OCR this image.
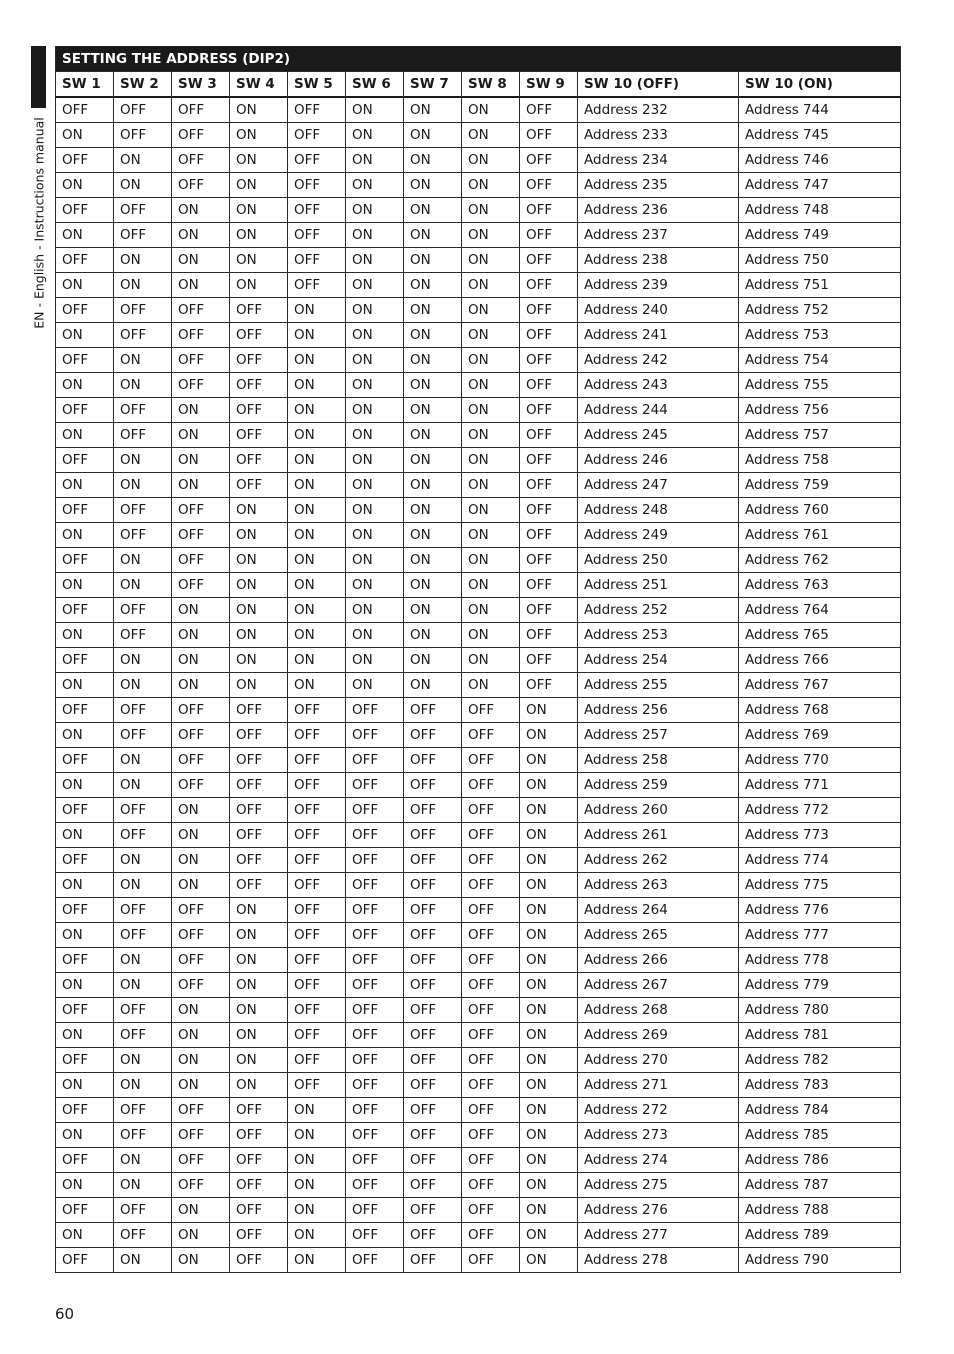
EN - English - Instructions manual
SETTING THE ADDRESS (DIP2)										
SW 1	SW 2	SW 3	SW 4	SW 5	SW 6	SW 7	SW 8	SW 9	SW 10 (OFF)	SW 10 (ON)
OFF	OFF	OFF	ON	OFF	ON	ON	ON	OFF	Address 232	Address 744
ON	OFF	OFF	ON	OFF	ON	ON	ON	OFF	Address 233	Address 745
OFF	ON	OFF	ON	OFF	ON	ON	ON	OFF	Address 234	Address 746
ON	ON	OFF	ON	OFF	ON	ON	ON	OFF	Address 235	Address 747
OFF	OFF	ON	ON	OFF	ON	ON	ON	OFF	Address 236	Address 748
ON	OFF	ON	ON	OFF	ON	ON	ON	OFF	Address 237	Address 749
OFF	ON	ON	ON	OFF	ON	ON	ON	OFF	Address 238	Address 750
ON	ON	ON	ON	OFF	ON	ON	ON	OFF	Address 239	Address 751
OFF	OFF	OFF	OFF	ON	ON	ON	ON	OFF	Address 240	Address 752
ON	OFF	OFF	OFF	ON	ON	ON	ON	OFF	Address 241	Address 753
OFF	ON	OFF	OFF	ON	ON	ON	ON	OFF	Address 242	Address 754
ON	ON	OFF	OFF	ON	ON	ON	ON	OFF	Address 243	Address 755
OFF	OFF	ON	OFF	ON	ON	ON	ON	OFF	Address 244	Address 756
ON	OFF	ON	OFF	ON	ON	ON	ON	OFF	Address 245	Address 757
OFF	ON	ON	OFF	ON	ON	ON	ON	OFF	Address 246	Address 758
ON	ON	ON	OFF	ON	ON	ON	ON	OFF	Address 247	Address 759
OFF	OFF	OFF	ON	ON	ON	ON	ON	OFF	Address 248	Address 760
ON	OFF	OFF	ON	ON	ON	ON	ON	OFF	Address 249	Address 761
OFF	ON	OFF	ON	ON	ON	ON	ON	OFF	Address 250	Address 762
ON	ON	OFF	ON	ON	ON	ON	ON	OFF	Address 251	Address 763
OFF	OFF	ON	ON	ON	ON	ON	ON	OFF	Address 252	Address 764
ON	OFF	ON	ON	ON	ON	ON	ON	OFF	Address 253	Address 765
OFF	ON	ON	ON	ON	ON	ON	ON	OFF	Address 254	Address 766
ON	ON	ON	ON	ON	ON	ON	ON	OFF	Address 255	Address 767
OFF	OFF	OFF	OFF	OFF	OFF	OFF	OFF	ON	Address 256	Address 768
ON	OFF	OFF	OFF	OFF	OFF	OFF	OFF	ON	Address 257	Address 769
OFF	ON	OFF	OFF	OFF	OFF	OFF	OFF	ON	Address 258	Address 770
ON	ON	OFF	OFF	OFF	OFF	OFF	OFF	ON	Address 259	Address 771
OFF	OFF	ON	OFF	OFF	OFF	OFF	OFF	ON	Address 260	Address 772
ON	OFF	ON	OFF	OFF	OFF	OFF	OFF	ON	Address 261	Address 773
OFF	ON	ON	OFF	OFF	OFF	OFF	OFF	ON	Address 262	Address 774
ON	ON	ON	OFF	OFF	OFF	OFF	OFF	ON	Address 263	Address 775
OFF	OFF	OFF	ON	OFF	OFF	OFF	OFF	ON	Address 264	Address 776
ON	OFF	OFF	ON	OFF	OFF	OFF	OFF	ON	Address 265	Address 777
OFF	ON	OFF	ON	OFF	OFF	OFF	OFF	ON	Address 266	Address 778
ON	ON	OFF	ON	OFF	OFF	OFF	OFF	ON	Address 267	Address 779
OFF	OFF	ON	ON	OFF	OFF	OFF	OFF	ON	Address 268	Address 780
ON	OFF	ON	ON	OFF	OFF	OFF	OFF	ON	Address 269	Address 781
OFF	ON	ON	ON	OFF	OFF	OFF	OFF	ON	Address 270	Address 782
ON	ON	ON	ON	OFF	OFF	OFF	OFF	ON	Address 271	Address 783
OFF	OFF	OFF	OFF	ON	OFF	OFF	OFF	ON	Address 272	Address 784
ON	OFF	OFF	OFF	ON	OFF	OFF	OFF	ON	Address 273	Address 785
OFF	ON	OFF	OFF	ON	OFF	OFF	OFF	ON	Address 274	Address 786
ON	ON	OFF	OFF	ON	OFF	OFF	OFF	ON	Address 275	Address 787
OFF	OFF	ON	OFF	ON	OFF	OFF	OFF	ON	Address 276	Address 788
ON	OFF	ON	OFF	ON	OFF	OFF	OFF	ON	Address 277	Address 789
OFF	ON	ON	OFF	ON	OFF	OFF	OFF	ON	Address 278	Address 790
60
